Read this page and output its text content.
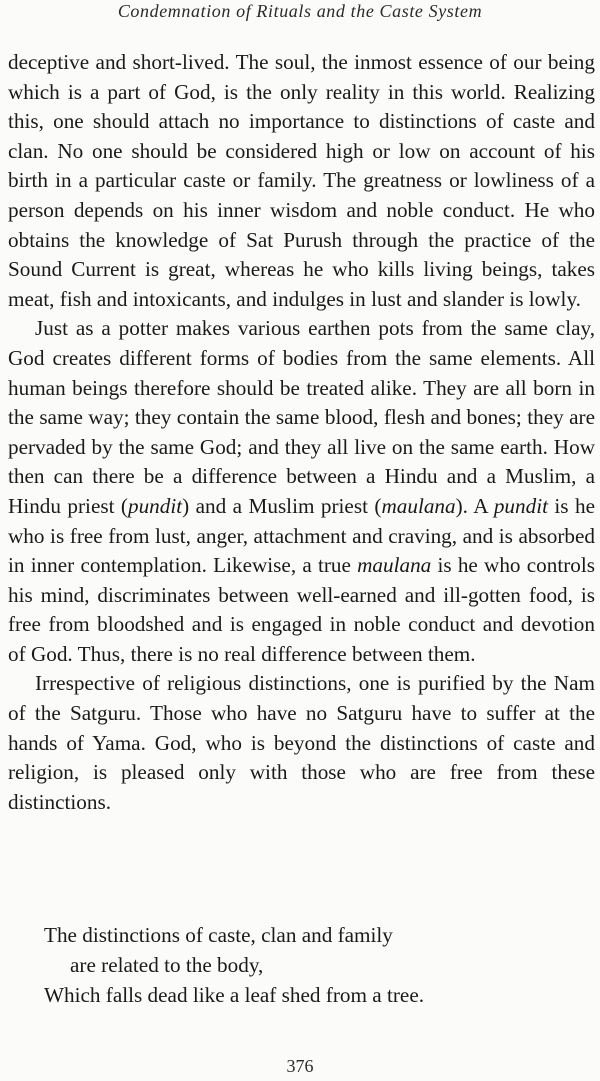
Condemnation of Rituals and the Caste System

deceptive and short-lived. The soul, the inmost essence of our being which is a part of God, is the only reality in this world. Realizing this, one should attach no importance to distinctions of caste and clan. No one should be considered high or low on account of his birth in a particular caste or family. The greatness or lowliness of a person depends on his inner wisdom and noble conduct. He who obtains the knowledge of Sat Purush through the practice of the Sound Current is great, whereas he who kills living beings, takes meat, fish and intoxicants, and indulges in lust and slander is lowly.

Just as a potter makes various earthen pots from the same clay, God creates different forms of bodies from the same elements. All human beings therefore should be treated alike. They are all born in the same way; they contain the same blood, flesh and bones; they are pervaded by the same God; and they all live on the same earth. How then can there be a difference between a Hindu and a Muslim, a Hindu priest (pundit) and a Muslim priest (maulana). A pundit is he who is free from lust, anger, attachment and craving, and is absorbed in inner contemplation. Likewise, a true maulana is he who controls his mind, discriminates between well-earned and ill-gotten food, is free from bloodshed and is engaged in noble conduct and devotion of God. Thus, there is no real difference between them.

Irrespective of religious distinctions, one is purified by the Nam of the Satguru. Those who have no Satguru have to suffer at the hands of Yama. God, who is beyond the distinctions of caste and religion, is pleased only with those who are free from these distinctions.

The distinctions of caste, clan and family
are related to the body,
Which falls dead like a leaf shed from a tree.
376
